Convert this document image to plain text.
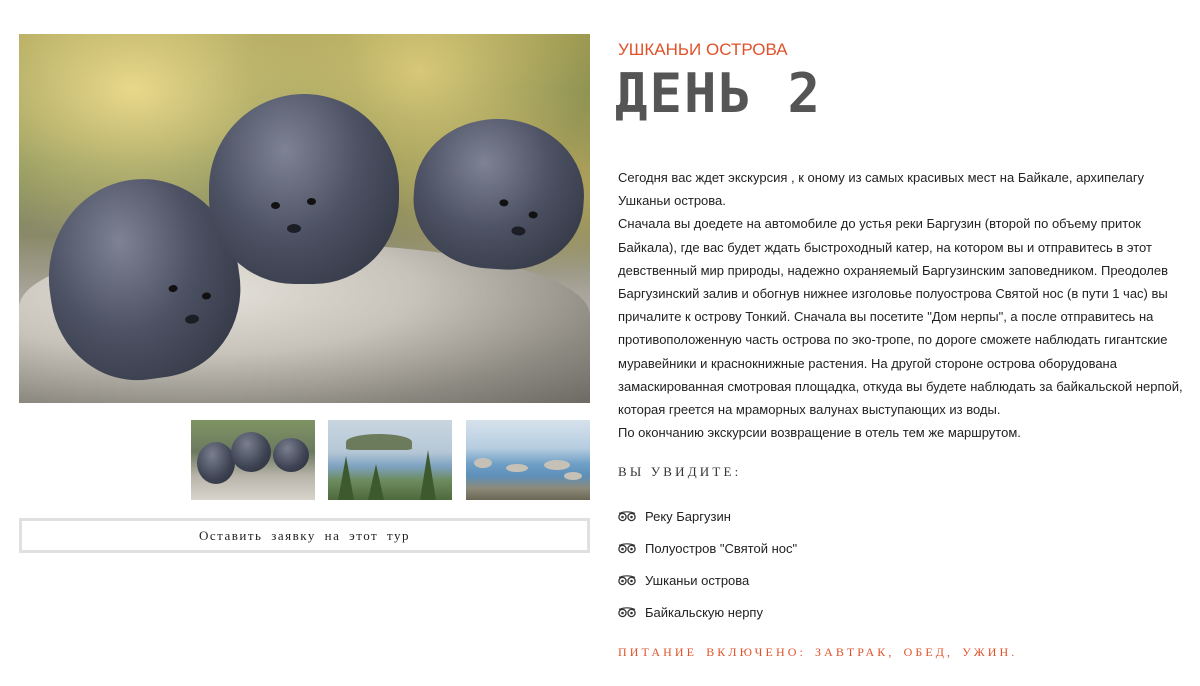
Оставить заявку на этот тур
УШКАНЬИ ОСТРОВА
ДЕНЬ 2

Сегодня вас ждет экскурсия , к оному из самых красивых мест на Байкале, архипелагу Ушканьи острова.

Сначала вы доедете на автомобиле до устья реки Баргузин (второй по объему приток Байкала), где вас будет ждать быстроходный катер, на котором вы и отправитесь в этот девственный мир природы, надежно охраняемый Баргузинским заповедником. Преодолев Баргузинский залив и обогнув нижнее изголовье полуострова Святой нос (в пути 1 час) вы причалите к острову Тонкий. Сначала вы посетите "Дом нерпы", а после отправитесь на противоположенную часть острова по эко-тропе, по дороге сможете наблюдать гигантские муравейники и краснокнижные растения. На другой стороне острова оборудована замаскированная смотровая площадка, откуда вы будете наблюдать за байкальской нерпой, которая греется на мраморных валунах выступающих из воды.

По окончанию экскурсии возвращение в отель тем же маршрутом.

ВЫ УВИДИТЕ:
Реку Баргузин
Полуостров "Святой нос"
Ушканьи острова
Байкальскую нерпу
ПИТАНИЕ ВКЛЮЧЕНО: ЗАВТРАК, ОБЕД, УЖИН.
